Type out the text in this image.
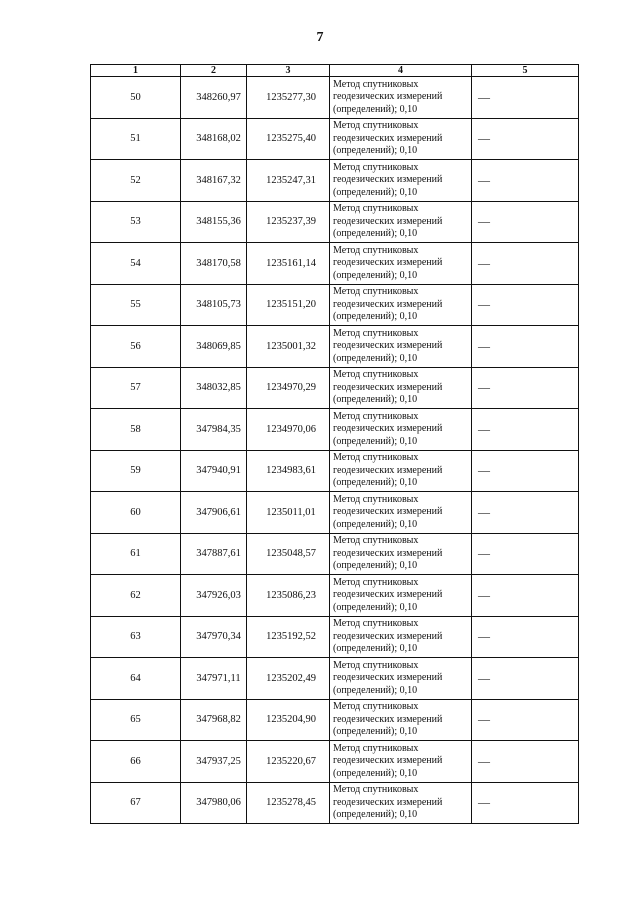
7
1	2	3	4	5
50	348260,97	1235277,30	Метод спутниковых
геодезических измерений
(определений); 0,10	—
51	348168,02	1235275,40	Метод спутниковых
геодезических измерений
(определений); 0,10	—
52	348167,32	1235247,31	Метод спутниковых
геодезических измерений
(определений); 0,10	—
53	348155,36	1235237,39	Метод спутниковых
геодезических измерений
(определений); 0,10	—
54	348170,58	1235161,14	Метод спутниковых
геодезических измерений
(определений); 0,10	—
55	348105,73	1235151,20	Метод спутниковых
геодезических измерений
(определений); 0,10	—
56	348069,85	1235001,32	Метод спутниковых
геодезических измерений
(определений); 0,10	—
57	348032,85	1234970,29	Метод спутниковых
геодезических измерений
(определений); 0,10	—
58	347984,35	1234970,06	Метод спутниковых
геодезических измерений
(определений); 0,10	—
59	347940,91	1234983,61	Метод спутниковых
геодезических измерений
(определений); 0,10	—
60	347906,61	1235011,01	Метод спутниковых
геодезических измерений
(определений); 0,10	—
61	347887,61	1235048,57	Метод спутниковых
геодезических измерений
(определений); 0,10	—
62	347926,03	1235086,23	Метод спутниковых
геодезических измерений
(определений); 0,10	—
63	347970,34	1235192,52	Метод спутниковых
геодезических измерений
(определений); 0,10	—
64	347971,11	1235202,49	Метод спутниковых
геодезических измерений
(определений); 0,10	—
65	347968,82	1235204,90	Метод спутниковых
геодезических измерений
(определений); 0,10	—
66	347937,25	1235220,67	Метод спутниковых
геодезических измерений
(определений); 0,10	—
67	347980,06	1235278,45	Метод спутниковых
геодезических измерений
(определений); 0,10	—
